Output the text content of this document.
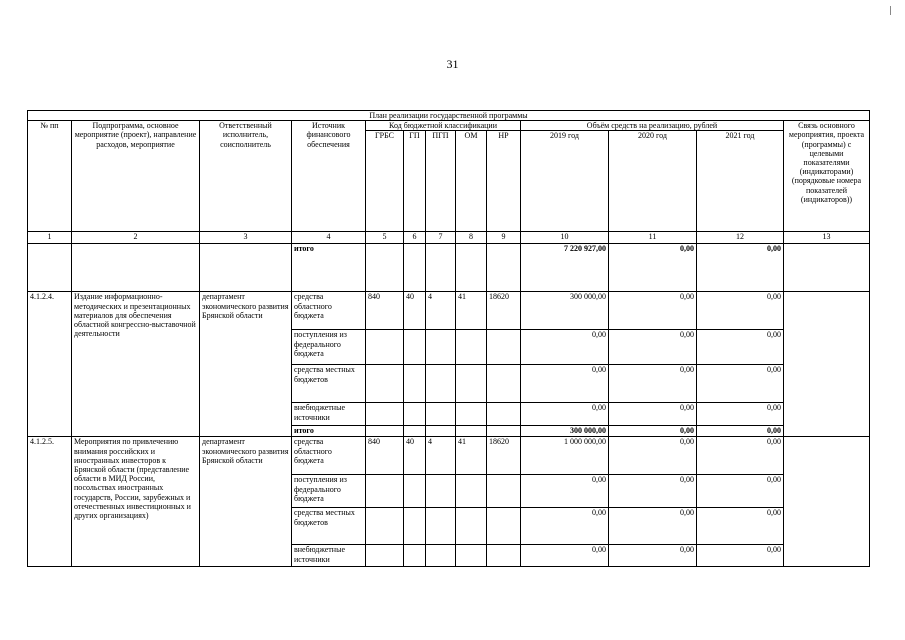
31
План реализации государственной программы												
№ пп	Подпрограмма, основное мероприятие (проект), направление расходов, мероприятие	Ответственный исполнитель, соисполнитель	Источник финансового обеспечения	Код бюджетной классификации					Объём средств на реализацию, рублей			Связь основного мероприятия, проекта (программы) с целевыми показателями (индикаторами) (порядковые номера показателей (индикаторов))
				ГРБС	ГП	ПГП	ОМ	НР	2019 год	2020 год	2021 год	
1	2	3	4	5	6	7	8	9	10	11	12	13
			итого						7 220 927,00	0,00	0,00	
4.1.2.4.	Издание информационно-методических и презентационных материалов для обеспечения областной конгрессно-выставочной деятельности	департамент экономического развития Брянской области	средства областного бюджета	840	40	4	41	18620	300 000,00	0,00	0,00	
			поступления из федерального бюджета						0,00	0,00	0,00	
			средства местных бюджетов						0,00	0,00	0,00	
			внебюджетные источники						0,00	0,00	0,00	
			итого						300 000,00	0,00	0,00	
4.1.2.5.	Мероприятия по привлечению внимания российских и иностранных инвесторов к Брянской области (представление области в МИД России, посольствах иностранных государств, России, зарубежных и отечественных инвестиционных и других организациях)	департамент экономического развития Брянской области	средства областного бюджета	840	40	4	41	18620	1 000 000,00	0,00	0,00	
			поступления из федерального бюджета						0,00	0,00	0,00	
			средства местных бюджетов						0,00	0,00	0,00	
			внебюджетные источники						0,00	0,00	0,00	
